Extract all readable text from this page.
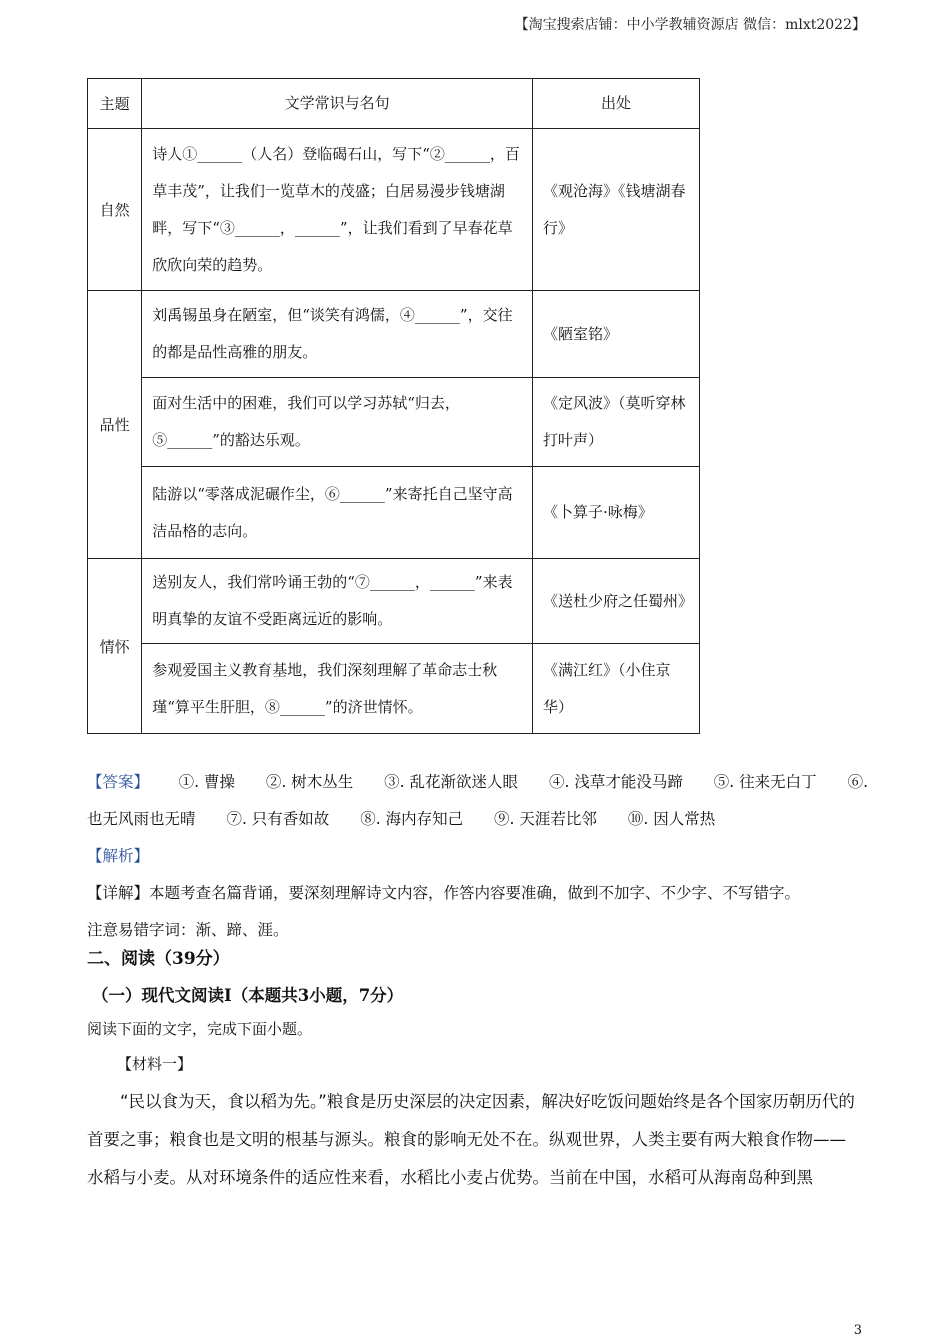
【淘宝搜索店铺：中小学教辅资源店 微信：mlxt2022】
主题	文学常识与名句	出处
自然	诗人①______（人名）登临碣石山，写下“②______，百草丰茂”，让我们一览草木的茂盛；白居易漫步钱塘湖畔，写下“③______，______”，让我们看到了早春花草欣欣向荣的趋势。	《观沧海》《钱塘湖春行》
品性	刘禹锡虽身在陋室，但“谈笑有鸿儒，④______”，交往的都是品性高雅的朋友。	《陋室铭》
	面对生活中的困难，我们可以学习苏轼“归去，⑤______”的豁达乐观。	《定风波》（莫听穿林打叶声）
	陆游以“零落成泥碾作尘，⑥______”来寄托自己坚守高洁品格的志向。	《卜算子·咏梅》
情怀	送别友人，我们常吟诵王勃的“⑦______，______”来表明真挚的友谊不受距离远近的影响。	《送杜少府之任蜀州》
	参观爱国主义教育基地，我们深刻理解了革命志士秋瑾“算平生肝胆，⑧______”的济世情怀。	《满江红》（小住京华）
【答案】 ①. 曹操 ②. 树木丛生 ③. 乱花渐欲迷人眼 ④. 浅草才能没马蹄 ⑤. 往来无白丁 ⑥. 也无风雨也无晴 ⑦. 只有香如故 ⑧. 海内存知己 ⑨. 天涯若比邻 ⑩. 因人常热
【解析】
【详解】本题考查名篇背诵，要深刻理解诗文内容，作答内容要准确，做到不加字、不少字、不写错字。
注意易错字词：渐、蹄、涯。
二、阅读（39分）
（一）现代文阅读Ⅰ（本题共3小题，7分）
阅读下面的文字，完成下面小题。
【材料一】
“民以食为天，食以稻为先。”粮食是历史深层的决定因素，解决好吃饭问题始终是各个国家历朝历代的首要之事；粮食也是文明的根基与源头。粮食的影响无处不在。纵观世界，人类主要有两大粮食作物——水稻与小麦。从对环境条件的适应性来看，水稻比小麦占优势。当前在中国，水稻可从海南岛种到黑
3
